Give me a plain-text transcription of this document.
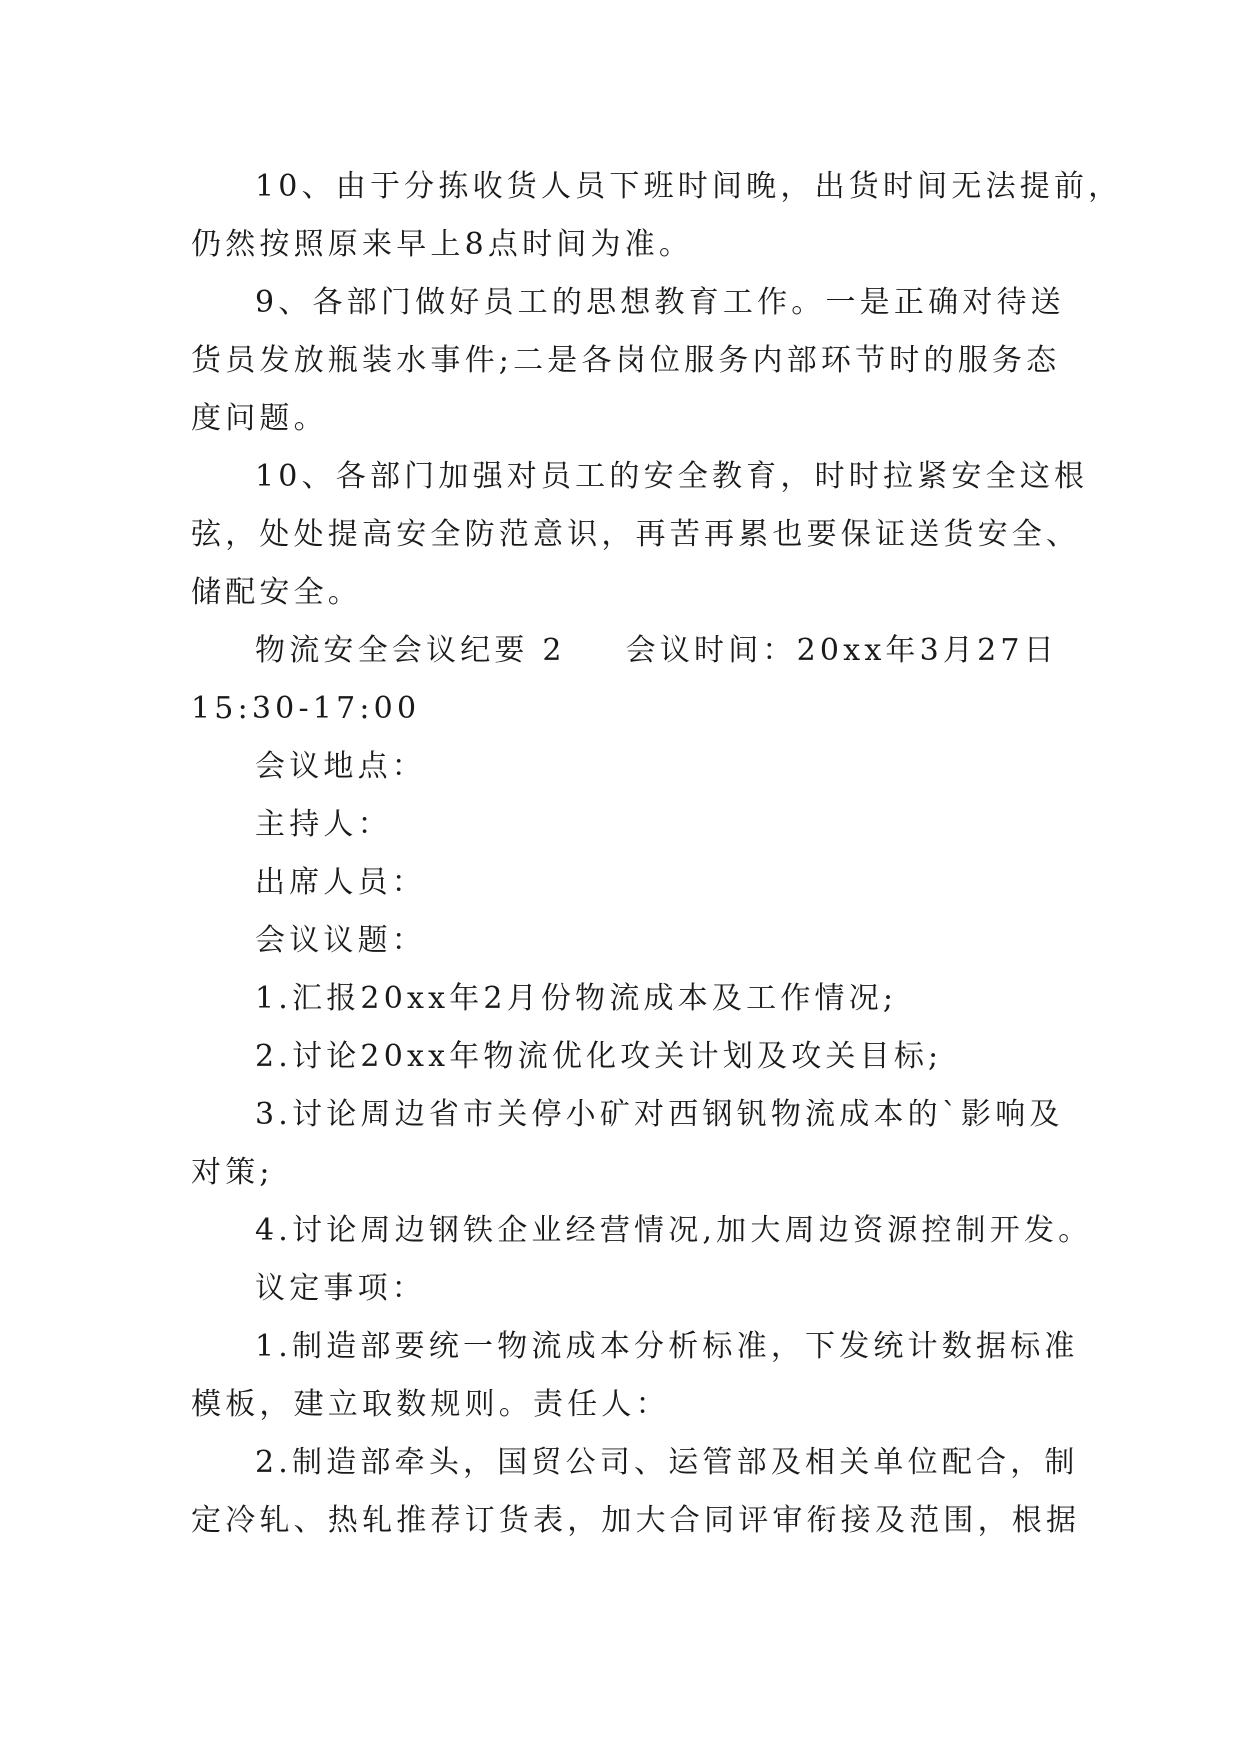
10、由于分拣收货人员下班时间晚，出货时间无法提前，

仍然按照原来早上8点时间为准。

9、各部门做好员工的思想教育工作。一是正确对待送

货员发放瓶装水事件;二是各岗位服务内部环节时的服务态

度问题。

10、各部门加强对员工的安全教育，时时拉紧安全这根

弦，处处提高安全防范意识，再苦再累也要保证送货安全、

储配安全。

物流安全会议纪要 2 会议时间：20xx年3月27日

15:30-17:00

会议地点：

主持人：

出席人员：

会议议题：

1.汇报20xx年2月份物流成本及工作情况;

2.讨论20xx年物流优化攻关计划及攻关目标;

3.讨论周边省市关停小矿对西钢钒物流成本的`影响及

对策;

4.讨论周边钢铁企业经营情况,加大周边资源控制开发。

议定事项：

1.制造部要统一物流成本分析标准，下发统计数据标准

模板，建立取数规则。责任人：

2.制造部牵头，国贸公司、运管部及相关单位配合，制

定冷轧、热轧推荐订货表，加大合同评审衔接及范围，根据
